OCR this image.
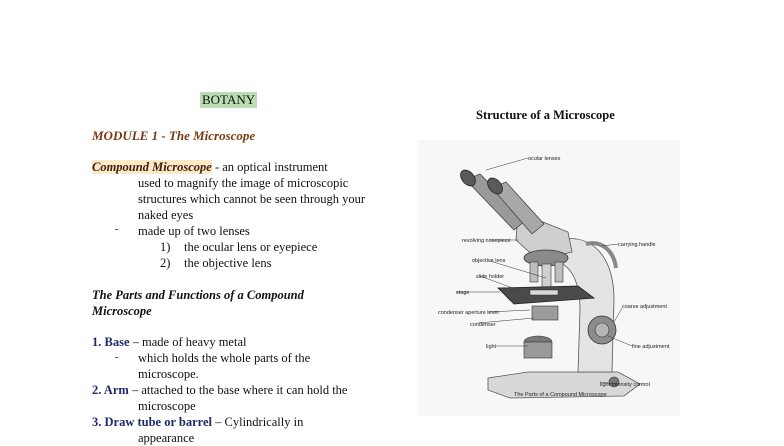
BOTANY
MODULE 1 - The Microscope
Compound Microscope - an optical instrument
used to magnify the image of microscopic structures which cannot be seen through your naked eyes
- made up of two lenses
1) the ocular lens or eyepiece
2) the objective lens
The Parts and Functions of a Compound Microscope
1. Base – made of heavy metal
- which holds the whole parts of the microscope.
2. Arm – attached to the base where it can hold the
microscope
3. Draw tube or barrel – Cylindrically in
appearance
Structure of a Microscope
ocular lenses
revolving nosepiece
objective lens
slide holder
stage
condenser aperture lever
condenser
light
carrying handle
coarse adjustment
fine adjustment
light intensity control
The Parts of a Compound Microscope
